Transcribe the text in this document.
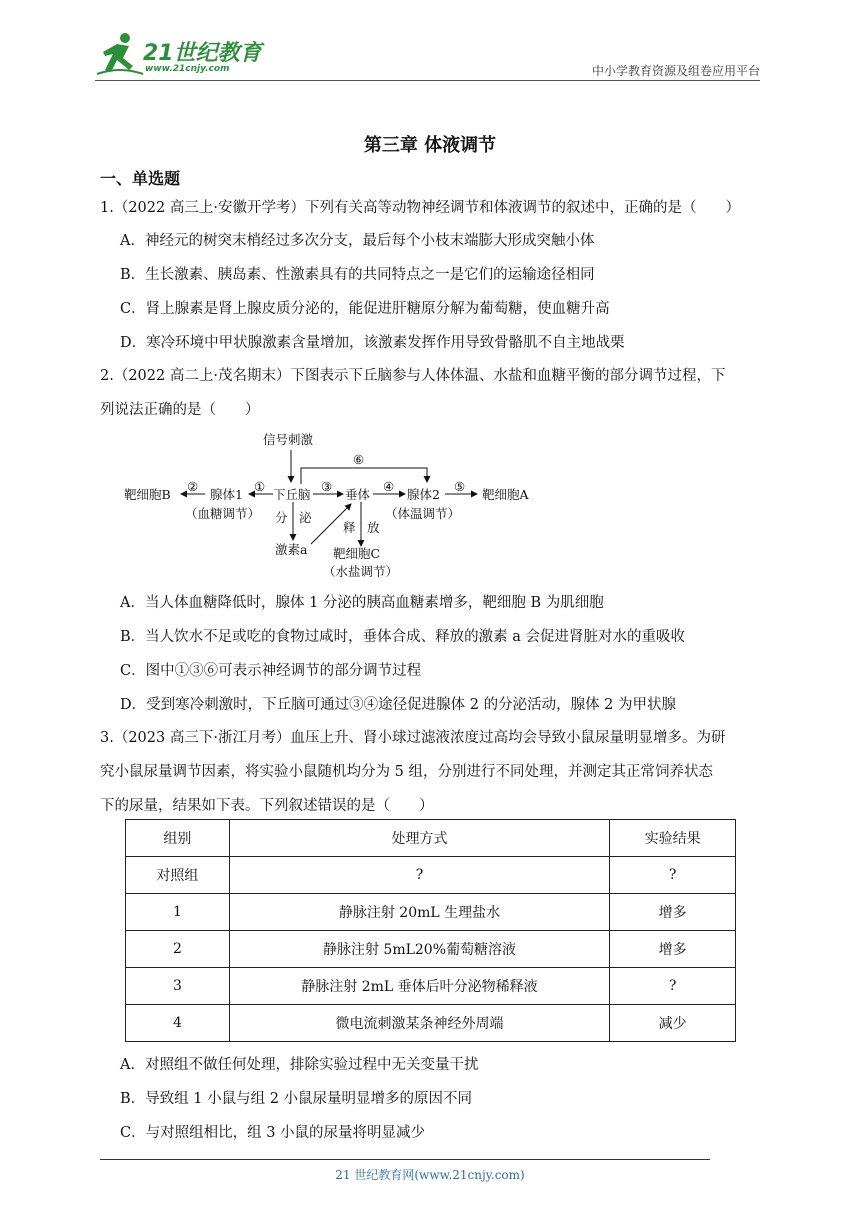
21世纪教育
www.21cnjy.com	中小学教育资源及组卷应用平台
第三章 体液调节
一、单选题
1.（2022 高三上·安徽开学考）下列有关高等动物神经调节和体液调节的叙述中，正确的是（　　）
A．神经元的树突末梢经过多次分支，最后每个小枝末端膨大形成突触小体
B．生长激素、胰岛素、性激素具有的共同特点之一是它们的运输途径相同
C．肾上腺素是肾上腺皮质分泌的，能促进肝糖原分解为葡萄糖，使血糖升高
D．寒冷环境中甲状腺激素含量增加，该激素发挥作用导致骨骼肌不自主地战栗
2.（2022 高二上·茂名期末）下图表示下丘脑参与人体体温、水盐和血糖平衡的部分调节过程，下
列说法正确的是（　　）
信号刺激
靶细胞B
②
腺体1
①
下丘脑
③
垂体
④
腺体2
⑤
靶细胞A
⑥
（血糖调节）	（体温调节）
分 泌
激素a
释 放
靶细胞C
（水盐调节）
A．当人体血糖降低时，腺体 1 分泌的胰高血糖素增多，靶细胞 B 为肌细胞
B．当人饮水不足或吃的食物过咸时，垂体合成、释放的激素 a 会促进肾脏对水的重吸收
C．图中①③⑥可表示神经调节的部分调节过程
D．受到寒冷刺激时，下丘脑可通过③④途径促进腺体 2 的分泌活动，腺体 2 为甲状腺
3.（2023 高三下·浙江月考）血压上升、肾小球过滤液浓度过高均会导致小鼠尿量明显增多。为研
究小鼠尿量调节因素，将实验小鼠随机均分为 5 组，分别进行不同处理，并测定其正常饲养状态
下的尿量，结果如下表。下列叙述错误的是（　　）
组别	处理方式	实验结果
对照组	?	?
1	静脉注射 20mL 生理盐水	增多
2	静脉注射 5mL20%葡萄糖溶液	增多
3	静脉注射 2mL 垂体后叶分泌物稀释液	?
4	微电流刺激某条神经外周端	减少
A．对照组不做任何处理，排除实验过程中无关变量干扰
B．导致组 1 小鼠与组 2 小鼠尿量明显增多的原因不同
C．与对照组相比，组 3 小鼠的尿量将明显减少
21 世纪教育网(www.21cnjy.com)
